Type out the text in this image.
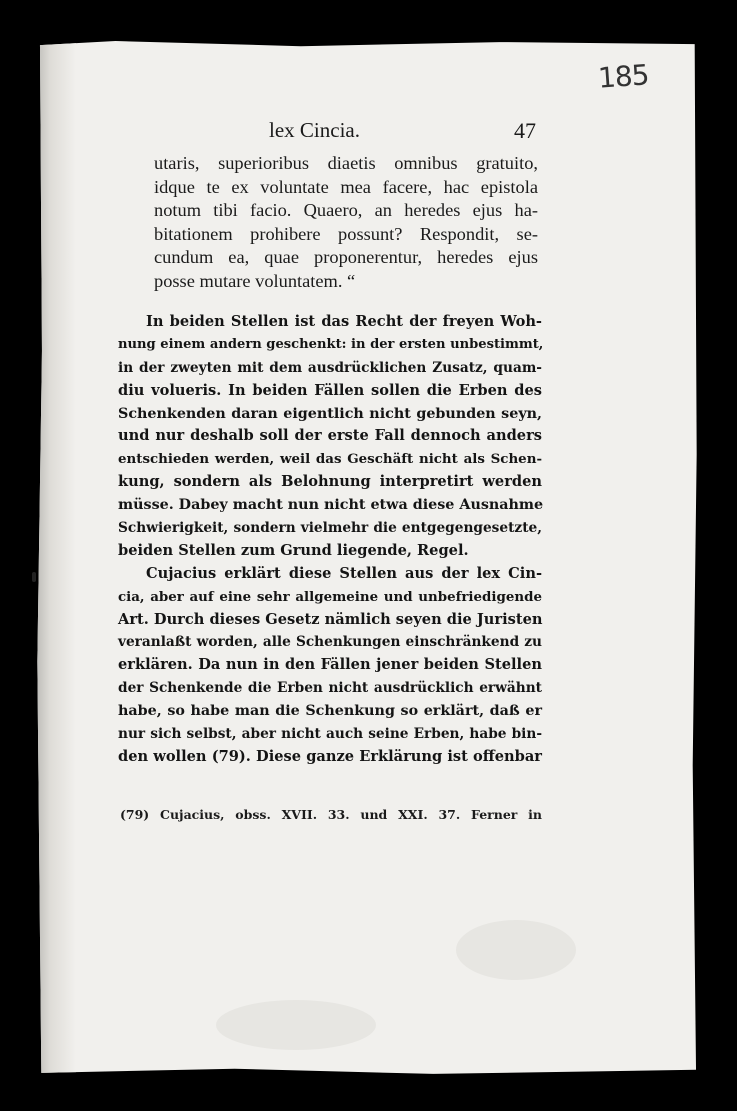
185
lex Cincia.	47
utaris, superioribus diaetis omnibus gratuito,
idque te ex voluntate mea facere, hac epistola
notum tibi facio. Quaero, an heredes ejus ha-
bitationem prohibere possunt? Respondit, se-
cundum ea, quae proponerentur, heredes ejus
posse mutare voluntatem. “
In beiden Stellen ist das Recht der freyen Woh-
nung einem andern geschenkt: in der ersten unbestimmt,
in der zweyten mit dem ausdrücklichen Zusatz, quam-
diu volueris. In beiden Fällen sollen die Erben des
Schenkenden daran eigentlich nicht gebunden seyn,
und nur deshalb soll der erste Fall dennoch anders
entschieden werden, weil das Geschäft nicht als Schen-
kung, sondern als Belohnung interpretirt werden
müsse. Dabey macht nun nicht etwa diese Ausnahme
Schwierigkeit, sondern vielmehr die entgegengesetzte,
beiden Stellen zum Grund liegende, Regel.
Cujacius erklärt diese Stellen aus der lex Cin-
cia, aber auf eine sehr allgemeine und unbefriedigende
Art. Durch dieses Gesetz nämlich seyen die Juristen
veranlaßt worden, alle Schenkungen einschränkend zu
erklären. Da nun in den Fällen jener beiden Stellen
der Schenkende die Erben nicht ausdrücklich erwähnt
habe, so habe man die Schenkung so erklärt, daß er
nur sich selbst, aber nicht auch seine Erben, habe bin-
den wollen (79). Diese ganze Erklärung ist offenbar
(79) Cujacius, obss. XVII. 33. und XXI. 37. Ferner in
